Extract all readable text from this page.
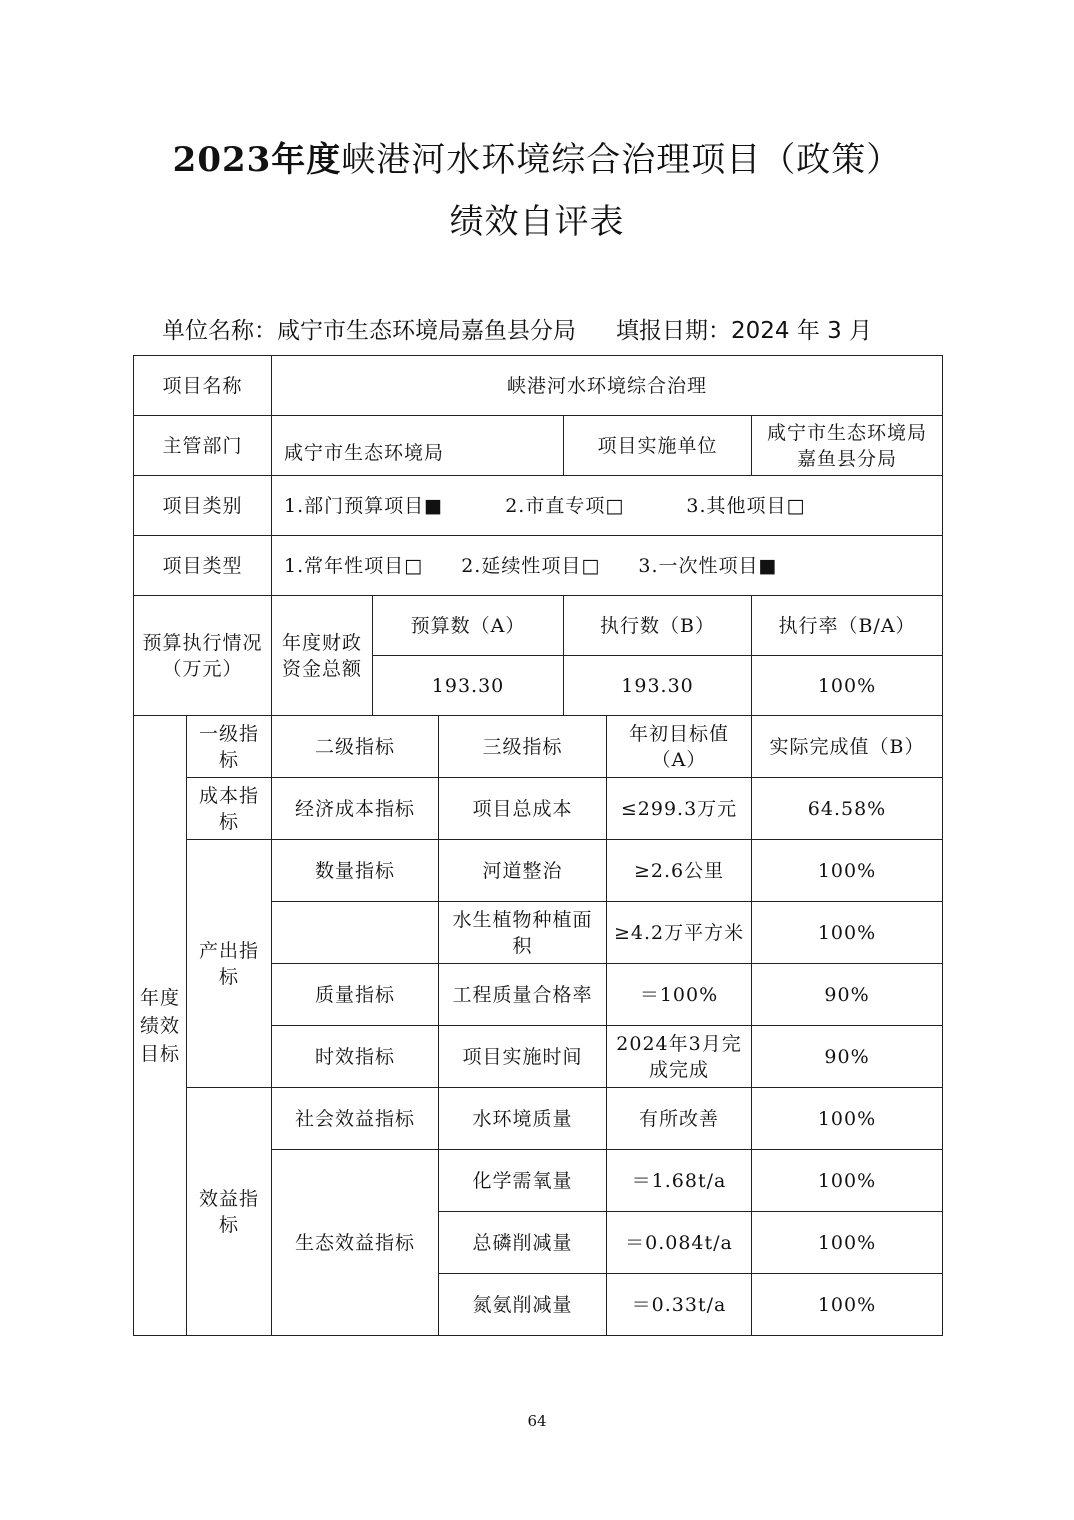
2023年度峡港河水环境综合治理项目（政策）
绩效自评表
单位名称：咸宁市生态环境局嘉鱼县分局 填报日期：2024 年 3 月
项目名称		峡港河水环境综合治理					
主管部门		咸宁市生态环境局			项目实施单位		咸宁市生态环境局嘉鱼县分局
项目类别		1.部门预算项目■ 2.市直专项□ 3.其他项目□					
项目类型		1.常年性项目□ 2.延续性项目□ 3.一次性项目■					
预算执行情况（万元）		年度财政资金总额	预算数（A）		执行数（B）		执行率（B/A）
			193.30		193.30		100%
年度绩效目标	一级指标	二级指标		三级指标		年初目标值（A）	实际完成值（B）
	成本指标	经济成本指标		项目总成本		≤299.3万元	64.58%
	产出指标	数量指标		河道整治		≥2.6公里	100%
				水生植物种植面积		≥4.2万平方米	100%
		质量指标		工程质量合格率		＝100%	90%
		时效指标		项目实施时间		2024年3月完成完成	90%
	效益指标	社会效益指标		水环境质量		有所改善	100%
		生态效益指标		化学需氧量		＝1.68t/a	100%
				总磷削减量		＝0.084t/a	100%
				氮氨削减量		＝0.33t/a	100%
64
